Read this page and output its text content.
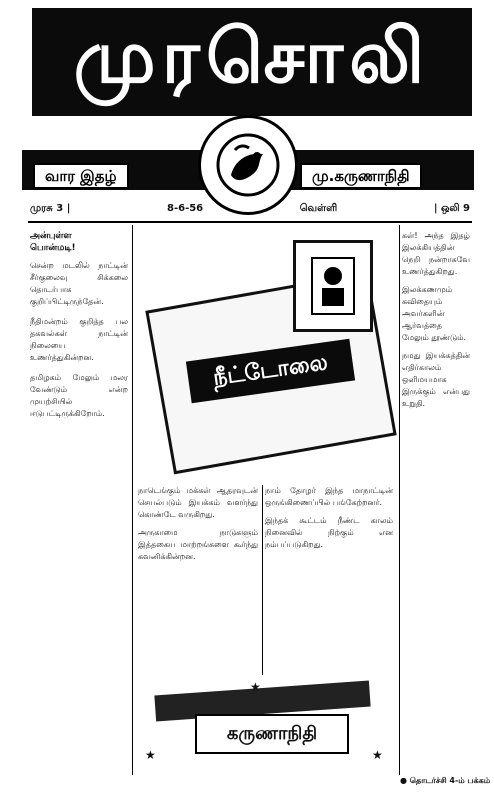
முரசொலி
வார இதழ்	மு.கருணாநிதி
முரசு 3 |	8-6-56	வெள்ளி	| ஒலி 9
அன்புள்ள
பொன்மடி!

சென்ற மடலில் நாட்டின் சீர்குலைவு சிக்கலை தொடர்பாக குறிப்பிட்டிருந்தேன்.

நீதிமன்றம் குறித்த பல தகவல்கள் நாட்டின் நிலையை உணர்த்துகின்றன.

தமிழகம் மேலும் மலர வேண்டும் என்ற முயற்சியில் ஈடுபட்டிருக்கிறோம்.

நீட்டோலை

நாடெங்கும் மக்கள் ஆதரவுடன் செயல்படும் இயக்கம் வளர்ந்து கொண்டே வருகிறது.

அருகாமை நாடுகளும் இத்தகைய மாற்றங்களை கூர்ந்து கவனிக்கின்றன.

நாம் தோழர் இந்த மாநாட்டின் ஒருங்கிணைப்பில் பங்கேற்றனர்.

இந்தக் கூட்டம் நீண்ட காலம் நினைவில் நிற்கும் என நம்பப்படுகிறது.

கள்! அந்த இதழ் இலக்கியத்தின் நெறி நன்றாகவே உணர்த்துகிறது.

இலக்கணமும் கவிதையும் அவர்களின் ஆர்வத்தை மேலும் தூண்டும்.

நமது இயக்கத்தின் எதிர்காலம் ஒளிமயமாக இருக்கும் என்பது உறுதி.

கருணாநிதி
★	★
★
● தொடர்ச்சி 4-ம் பக்கம்
